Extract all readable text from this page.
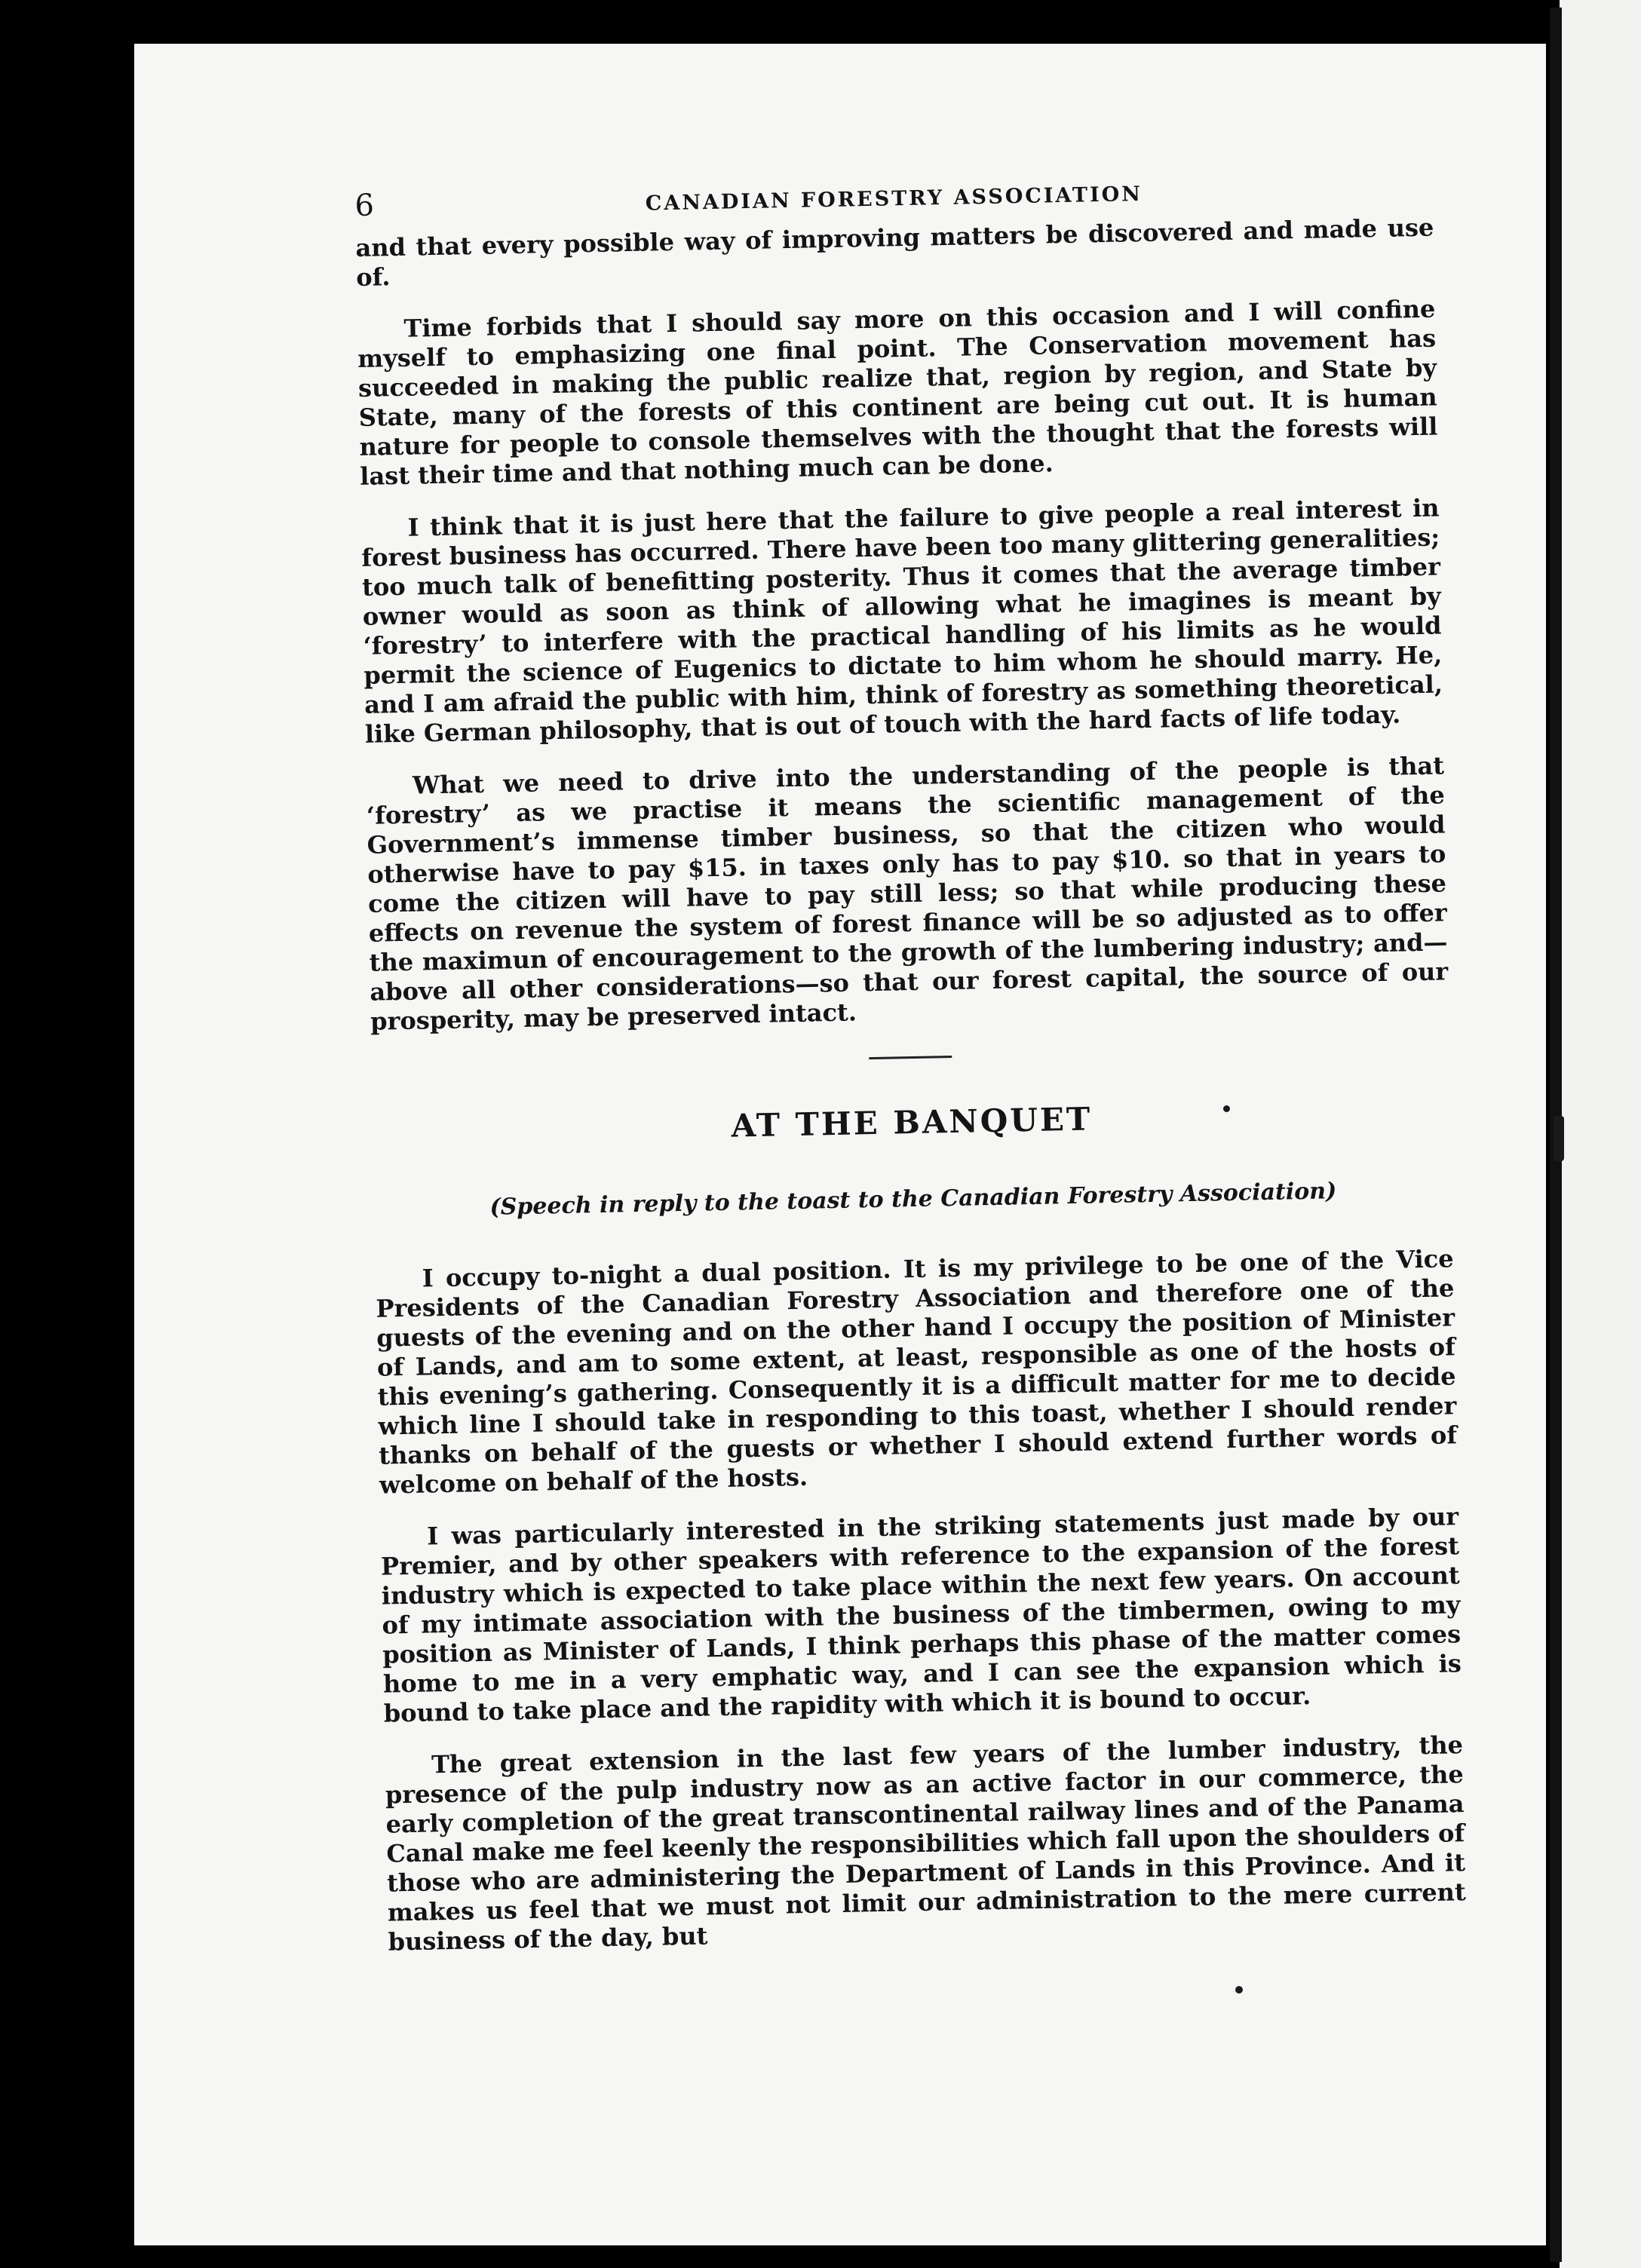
6	CANADIAN FORESTRY ASSOCIATION

and that every possible way of improving matters be discovered and made use of.

Time forbids that I should say more on this occasion and I will confine myself to emphasizing one final point. The Conservation movement has succeeded in making the public realize that, region by region, and State by State, many of the forests of this continent are being cut out. It is human nature for people to console themselves with the thought that the forests will last their time and that nothing much can be done.

I think that it is just here that the failure to give people a real interest in forest business has occurred. There have been too many glittering generalities; too much talk of benefitting posterity. Thus it comes that the average timber owner would as soon as think of allowing what he imagines is meant by ‘forestry’ to interfere with the practical handling of his limits as he would permit the science of Eugenics to dictate to him whom he should marry. He, and I am afraid the public with him, think of forestry as something theoretical, like German philosophy, that is out of touch with the hard facts of life today.

What we need to drive into the understanding of the people is that ‘forestry’ as we practise it means the scientific management of the Government’s immense timber business, so that the citizen who would otherwise have to pay $15. in taxes only has to pay $10. so that in years to come the citizen will have to pay still less; so that while producing these effects on revenue the system of forest finance will be so adjusted as to offer the maximun of encouragement to the growth of the lumbering industry; and—above all other considerations—so that our forest capital, the source of our prosperity, may be preserved intact.

AT THE BANQUET
(Speech in reply to the toast to the Canadian Forestry Association)

I occupy to-night a dual position. It is my privilege to be one of the Vice Presidents of the Canadian Forestry Association and therefore one of the guests of the evening and on the other hand I occupy the position of Minister of Lands, and am to some extent, at least, responsible as one of the hosts of this evening’s gathering. Consequently it is a difficult matter for me to decide which line I should take in responding to this toast, whether I should render thanks on behalf of the guests or whether I should extend further words of welcome on behalf of the hosts.

I was particularly interested in the striking statements just made by our Premier, and by other speakers with reference to the expansion of the forest industry which is expected to take place within the next few years. On account of my intimate association with the business of the timbermen, owing to my position as Minister of Lands, I think perhaps this phase of the matter comes home to me in a very emphatic way, and I can see the expansion which is bound to take place and the rapidity with which it is bound to occur.

The great extension in the last few years of the lumber industry, the presence of the pulp industry now as an active factor in our commerce, the early completion of the great transcontinental railway lines and of the Panama Canal make me feel keenly the responsibilities which fall upon the shoulders of those who are administering the Department of Lands in this Province. And it makes us feel that we must not limit our administration to the mere current business of the day, but
